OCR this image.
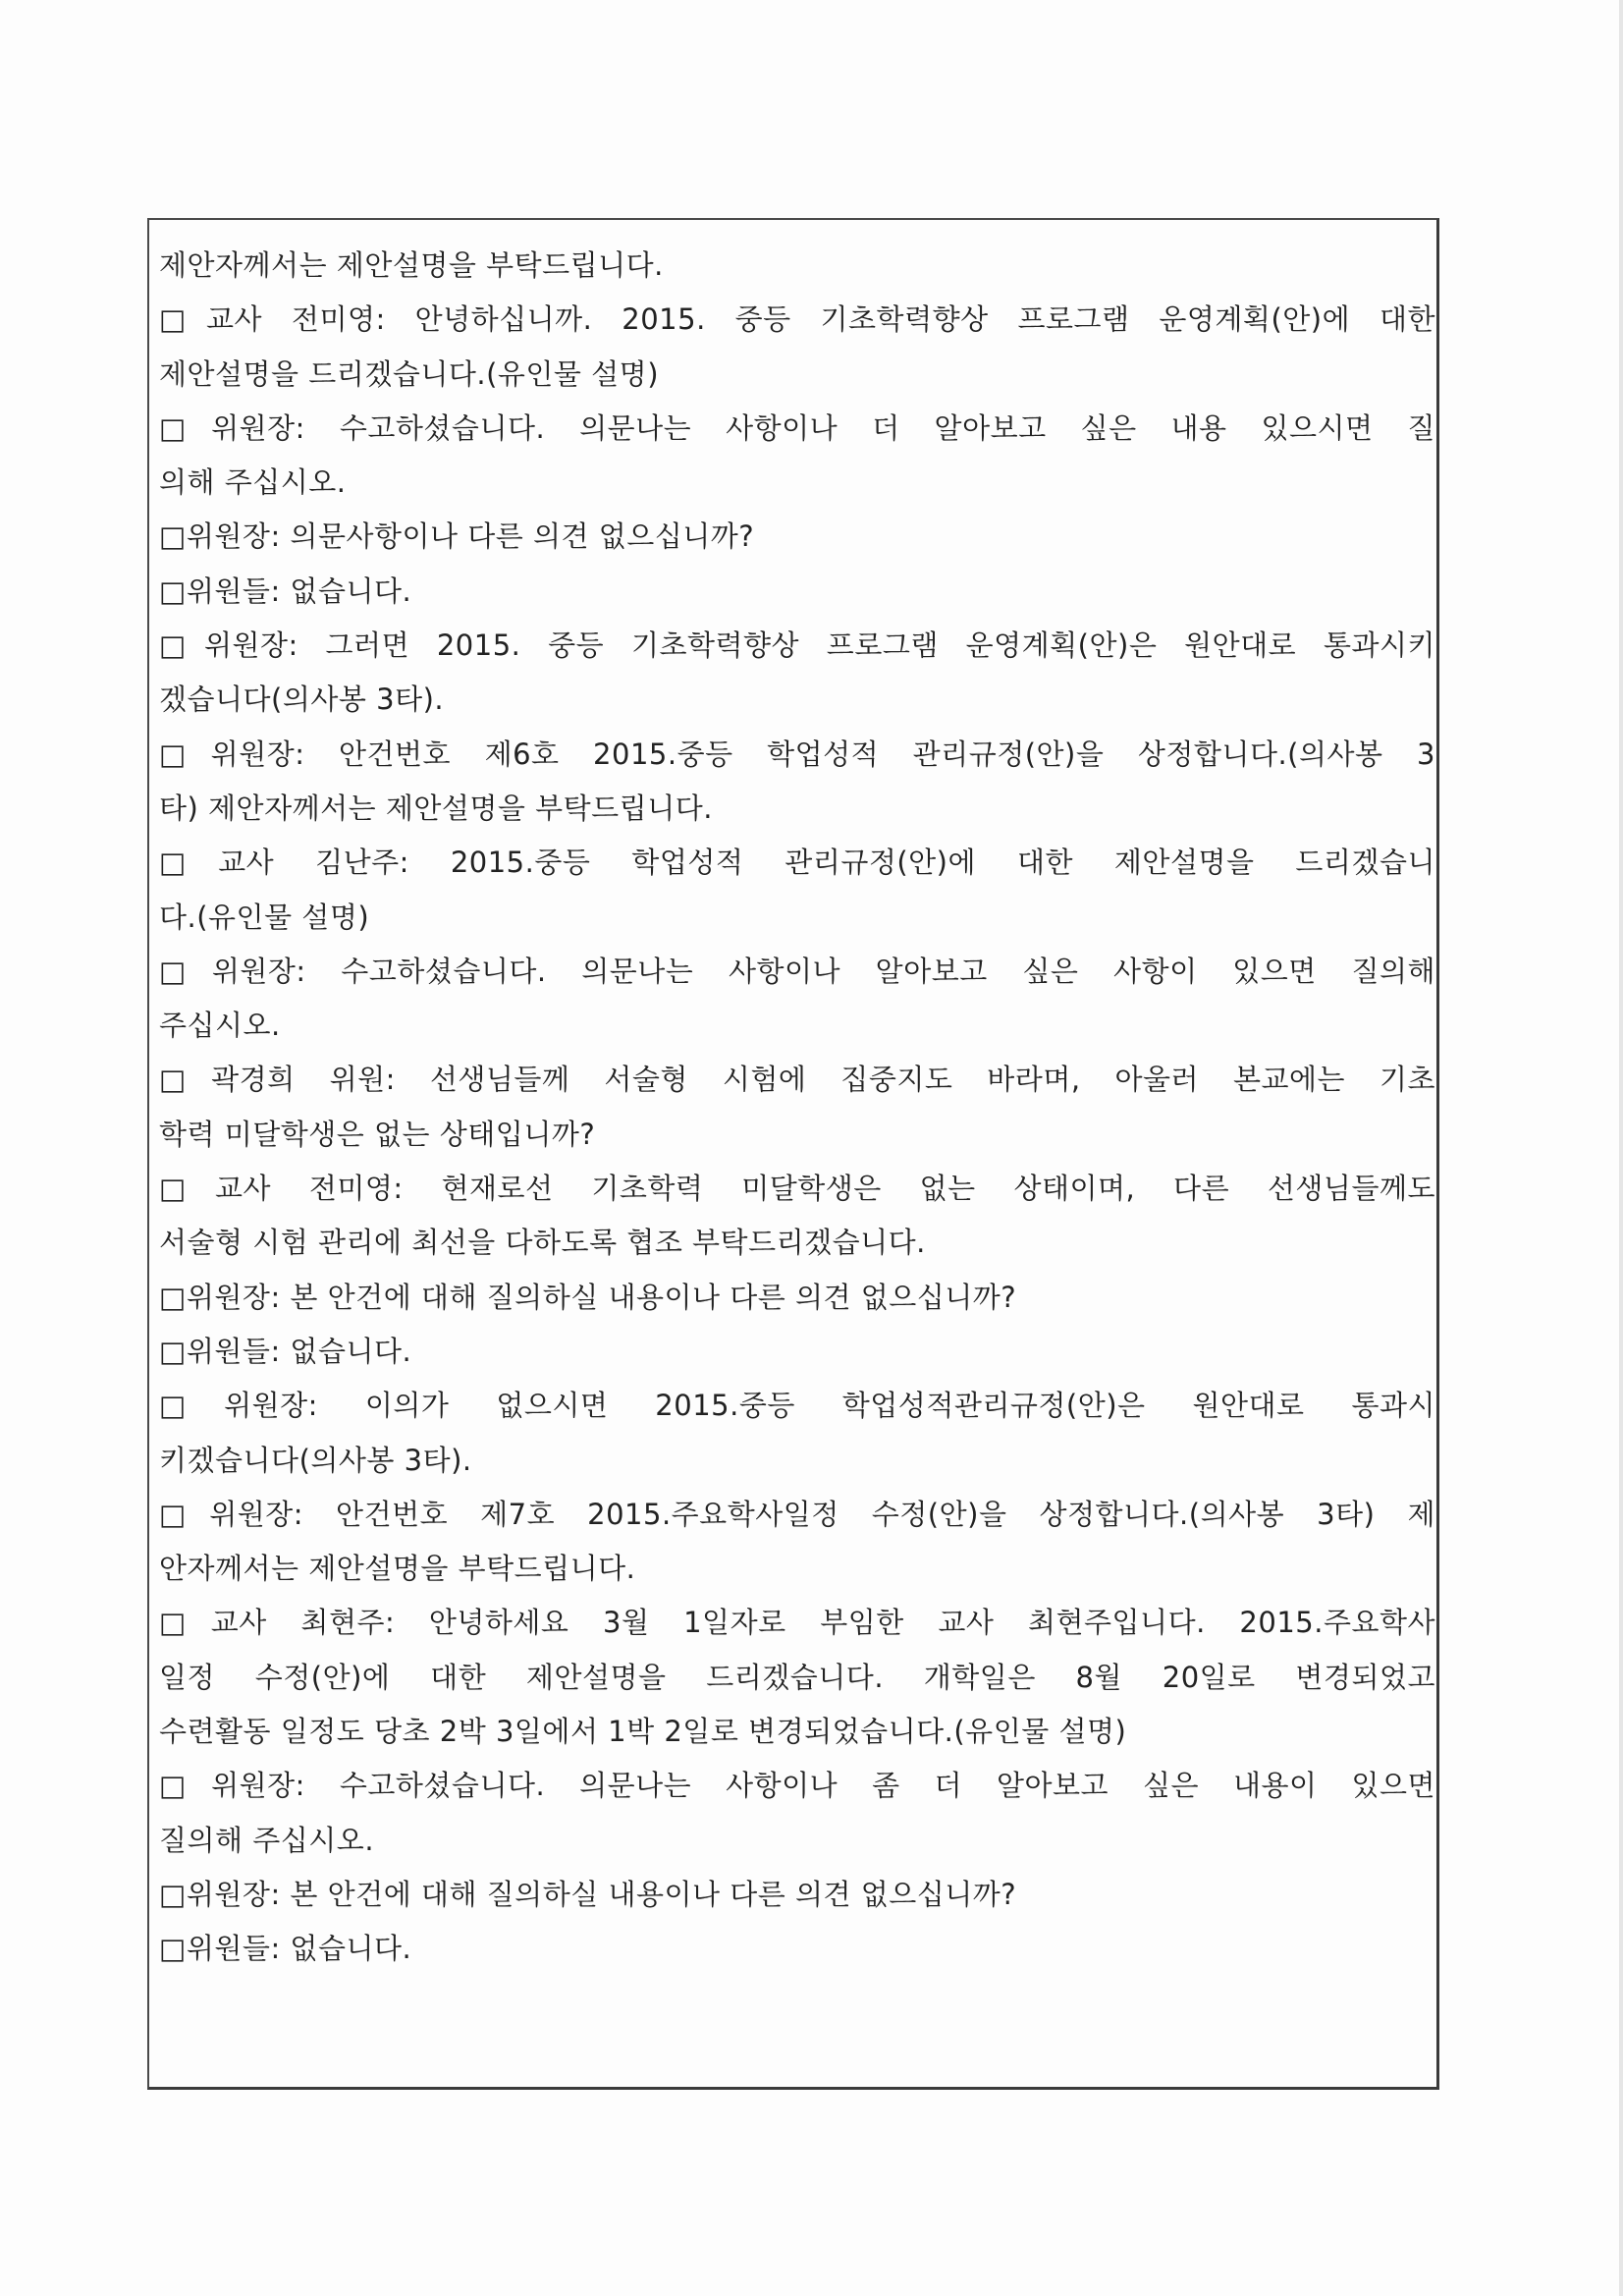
제안자께서는 제안설명을 부탁드립니다.
□교사 전미영: 안녕하십니까. 2015. 중등 기초학력향상 프로그램 운영계획(안)에 대한
제안설명을 드리겠습니다.(유인물 설명)
□위원장: 수고하셨습니다. 의문나는 사항이나 더 알아보고 싶은 내용 있으시면 질
의해 주십시오.
□위원장: 의문사항이나 다른 의견 없으십니까?
□위원들: 없습니다.
□위원장: 그러면 2015. 중등 기초학력향상 프로그램 운영계획(안)은 원안대로 통과시키
겠습니다(의사봉 3타).
□위원장: 안건번호 제6호 2015.중등 학업성적 관리규정(안)을 상정합니다.(의사봉 3
타) 제안자께서는 제안설명을 부탁드립니다.
□교사 김난주: 2015.중등 학업성적 관리규정(안)에 대한 제안설명을 드리겠습니
다.(유인물 설명)
□위원장: 수고하셨습니다. 의문나는 사항이나 알아보고 싶은 사항이 있으면 질의해
주십시오.
□곽경희 위원: 선생님들께 서술형 시험에 집중지도 바라며, 아울러 본교에는 기초
학력 미달학생은 없는 상태입니까?
□교사 전미영: 현재로선 기초학력 미달학생은 없는 상태이며, 다른 선생님들께도
서술형 시험 관리에 최선을 다하도록 협조 부탁드리겠습니다.
□위원장: 본 안건에 대해 질의하실 내용이나 다른 의견 없으십니까?
□위원들: 없습니다.
□위원장: 이의가 없으시면 2015.중등 학업성적관리규정(안)은 원안대로 통과시
키겠습니다(의사봉 3타).
□위원장: 안건번호 제7호 2015.주요학사일정 수정(안)을 상정합니다.(의사봉 3타) 제
안자께서는 제안설명을 부탁드립니다.
□교사 최현주: 안녕하세요 3월 1일자로 부임한 교사 최현주입니다. 2015.주요학사
일정 수정(안)에 대한 제안설명을 드리겠습니다. 개학일은 8월 20일로 변경되었고
수련활동 일정도 당초 2박 3일에서 1박 2일로 변경되었습니다.(유인물 설명)
□위원장: 수고하셨습니다. 의문나는 사항이나 좀 더 알아보고 싶은 내용이 있으면
질의해 주십시오.
□위원장: 본 안건에 대해 질의하실 내용이나 다른 의견 없으십니까?
□위원들: 없습니다.
